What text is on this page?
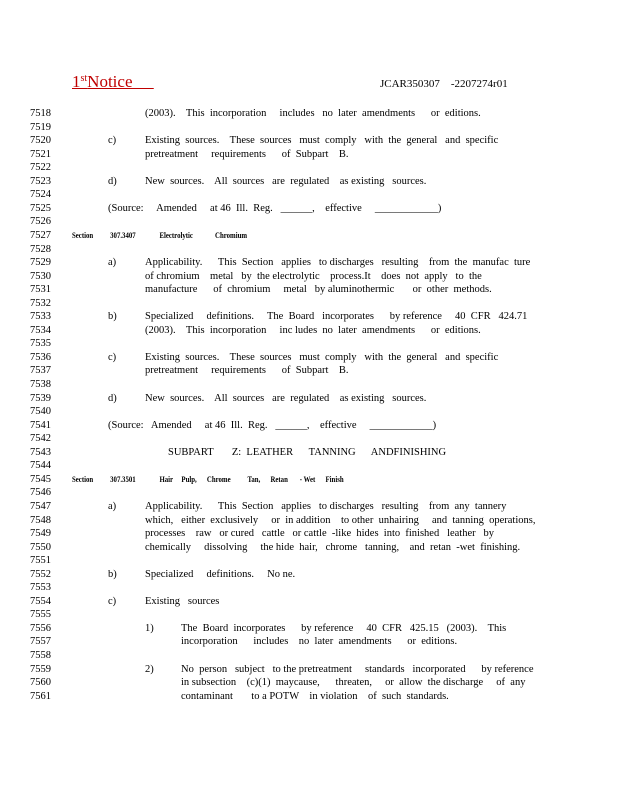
1stNotice	JCAR350307    -2207274r01
7518	(2003).    This  incorporation     includes   no  later  amendments      or  editions.
7519
7520	c)	Existing  sources.    These  sources   must  comply   with  the  general   and  specific
7521	pretreatment     requirements      of  Subpart    B.
7522
7523	d)	New  sources.    All  sources   are  regulated    as existing   sources.
7524
7525	(Source:     Amended     at 46  Ill.  Reg.   ______,    effective     ____________)
7526
7527	Section          307.3407              Electrolytic             Chromium
7528
7529	a)	Applicability.      This  Section   applies   to discharges   resulting    from  the  manufac  ture
7530	of chromium    metal   by  the electrolytic    process.It    does  not  apply   to  the
7531	manufacture      of  chromium     metal   by aluminothermic       or  other  methods.
7532
7533	b)	Specialized     definitions.     The  Board   incorporates      by reference     40  CFR   424.71
7534	(2003).    This  incorporation     inc ludes  no  later  amendments      or  editions.
7535
7536	c)	Existing  sources.    These  sources   must  comply   with  the  general   and  specific
7537	pretreatment     requirements      of  Subpart    B.
7538
7539	d)	New  sources.    All  sources   are  regulated    as existing   sources.
7540
7541	(Source:   Amended     at 46  Ill.  Reg.   ______,    effective     ____________)
7542
7543	SUBPART       Z:  LEATHER      TANNING      ANDFINISHING
7544
7545	Section          307.3501              Hair     Pulp,      Chrome          Tan,      Retan       - Wet      Finish
7546
7547	a)	Applicability.      This  Section   applies   to discharges   resulting    from  any  tannery
7548	which,   either  exclusively     or  in addition    to other  unhairing     and  tanning  operations,
7549	processes    raw   or cured   cattle   or cattle  -like  hides  into  finished   leather   by
7550	chemically     dissolving     the hide  hair,   chrome   tanning,    and  retan  -wet  finishing.
7551
7552	b)	Specialized     definitions.     No ne.
7553
7554	c)	Existing   sources
7555
7556	1)	The  Board  incorporates      by reference     40  CFR   425.15   (2003).    This
7557	incorporation      includes    no  later  amendments      or  editions.
7558
7559	2)	No  person   subject   to the pretreatment     standards   incorporated      by reference
7560	in subsection    (c)(1)  maycause,      threaten,     or  allow  the discharge     of  any
7561	contaminant       to a POTW    in violation    of  such  standards.
